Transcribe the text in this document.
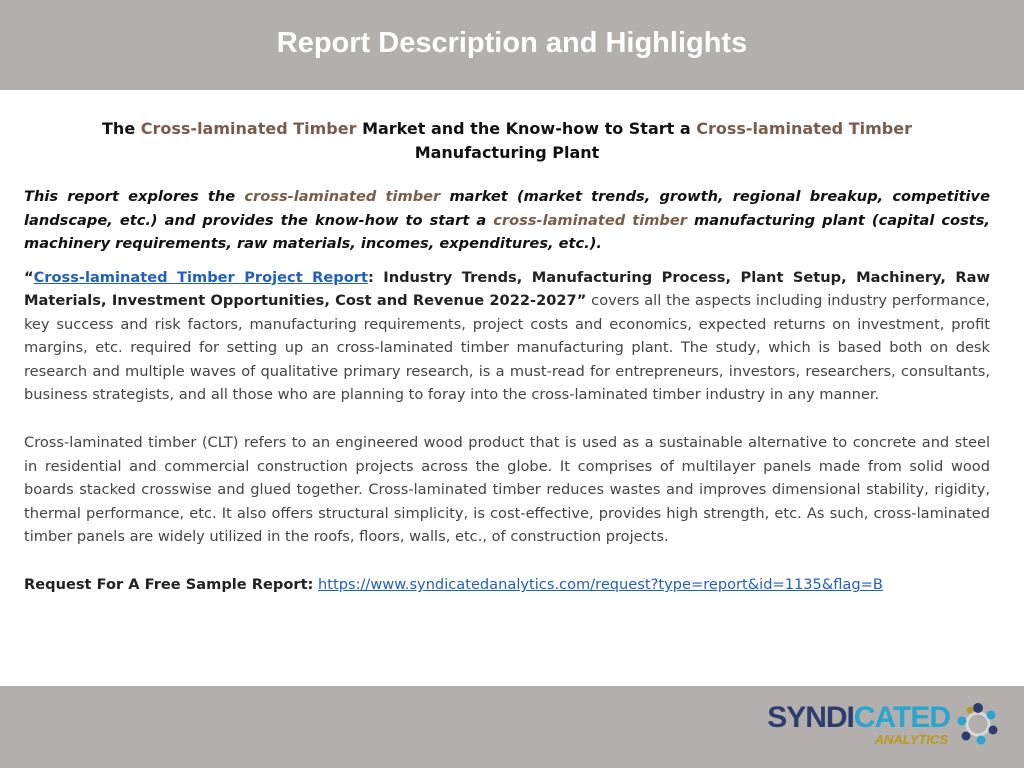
Report Description and Highlights

The Cross-laminated Timber Market and the Know-how to Start a Cross-laminated Timber Manufacturing Plant

This report explores the cross-laminated timber market (market trends, growth, regional breakup, competitive landscape, etc.) and provides the know-how to start a cross-laminated timber manufacturing plant (capital costs, machinery requirements, raw materials, incomes, expenditures, etc.).

“Cross-laminated Timber Project Report: Industry Trends, Manufacturing Process, Plant Setup, Machinery, Raw Materials, Investment Opportunities, Cost and Revenue 2022-2027” covers all the aspects including industry performance, key success and risk factors, manufacturing requirements, project costs and economics, expected returns on investment, profit margins, etc. required for setting up an cross-laminated timber manufacturing plant. The study, which is based both on desk research and multiple waves of qualitative primary research, is a must-read for entrepreneurs, investors, researchers, consultants, business strategists, and all those who are planning to foray into the cross-laminated timber industry in any manner.

Cross-laminated timber (CLT) refers to an engineered wood product that is used as a sustainable alternative to concrete and steel in residential and commercial construction projects across the globe. It comprises of multilayer panels made from solid wood boards stacked crosswise and glued together. Cross-laminated timber reduces wastes and improves dimensional stability, rigidity, thermal performance, etc. It also offers structural simplicity, is cost-effective, provides high strength, etc. As such, cross-laminated timber panels are widely utilized in the roofs, floors, walls, etc., of construction projects.

Request For A Free Sample Report: https://www.syndicatedanalytics.com/request?type=report&id=1135&flag=B

SYNDICATED
ANALYTICS
